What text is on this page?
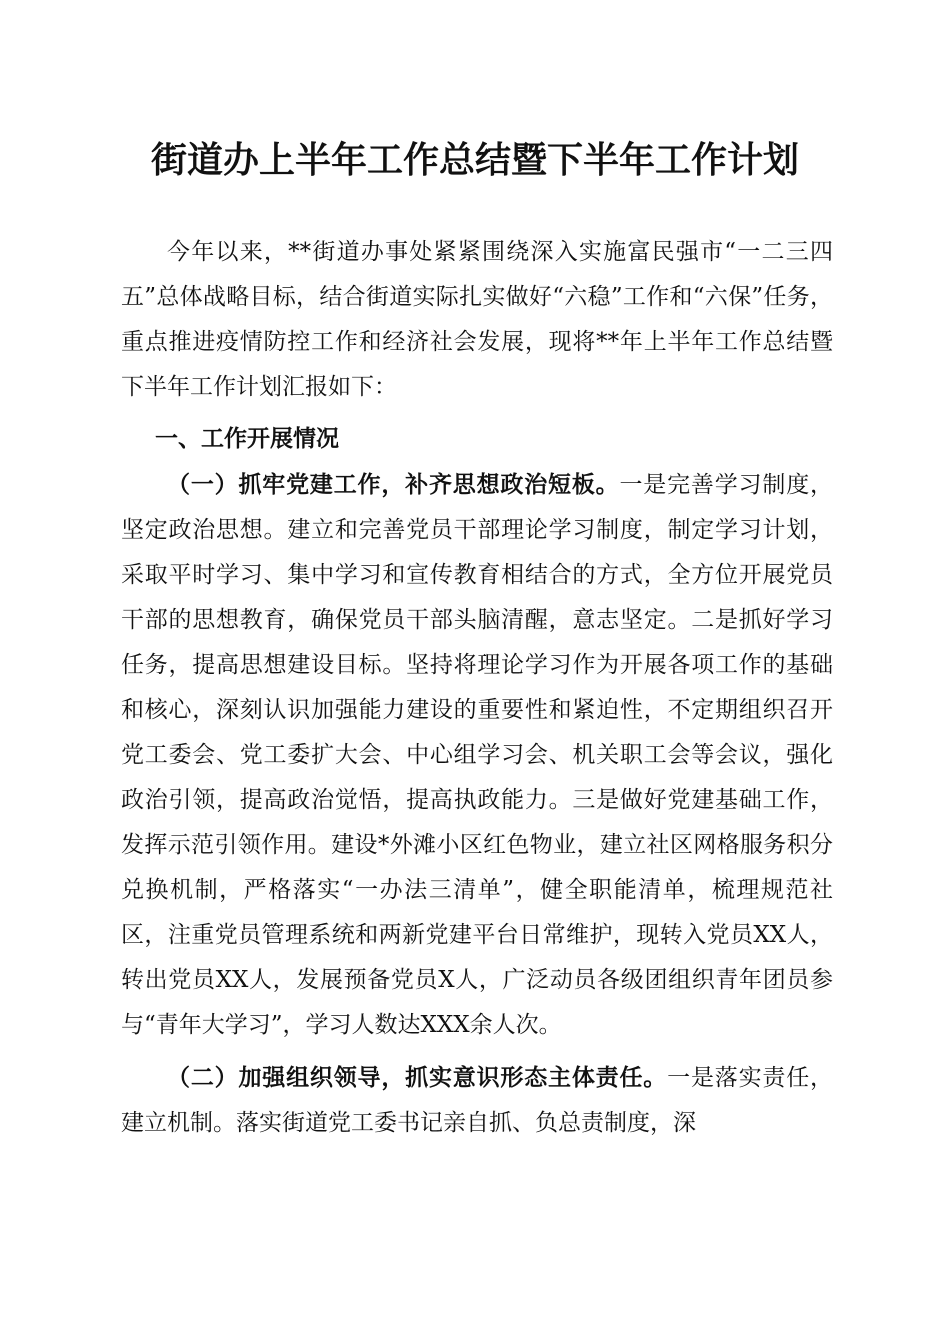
街道办上半年工作总结暨下半年工作计划

今年以来，**街道办事处紧紧围绕深入实施富民强市“一二三四五”总体战略目标，结合街道实际扎实做好“六稳”工作和“六保”任务，重点推进疫情防控工作和经济社会发展，现将**年上半年工作总结暨下半年工作计划汇报如下：

一、工作开展情况

（一）抓牢党建工作，补齐思想政治短板。一是完善学习制度，坚定政治思想。建立和完善党员干部理论学习制度，制定学习计划，采取平时学习、集中学习和宣传教育相结合的方式，全方位开展党员干部的思想教育，确保党员干部头脑清醒，意志坚定。二是抓好学习任务，提高思想建设目标。坚持将理论学习作为开展各项工作的基础和核心，深刻认识加强能力建设的重要性和紧迫性，不定期组织召开党工委会、党工委扩大会、中心组学习会、机关职工会等会议，强化政治引领，提高政治觉悟，提高执政能力。三是做好党建基础工作，发挥示范引领作用。建设*外滩小区红色物业，建立社区网格服务积分兑换机制，严格落实“一办法三清单”，健全职能清单，梳理规范社区，注重党员管理系统和两新党建平台日常维护，现转入党员XX人，转出党员XX人，发展预备党员X人，广泛动员各级团组织青年团员参与“青年大学习”，学习人数达XXX余人次。

（二）加强组织领导，抓实意识形态主体责任。一是落实责任，建立机制。落实街道党工委书记亲自抓、负总责制度，深
